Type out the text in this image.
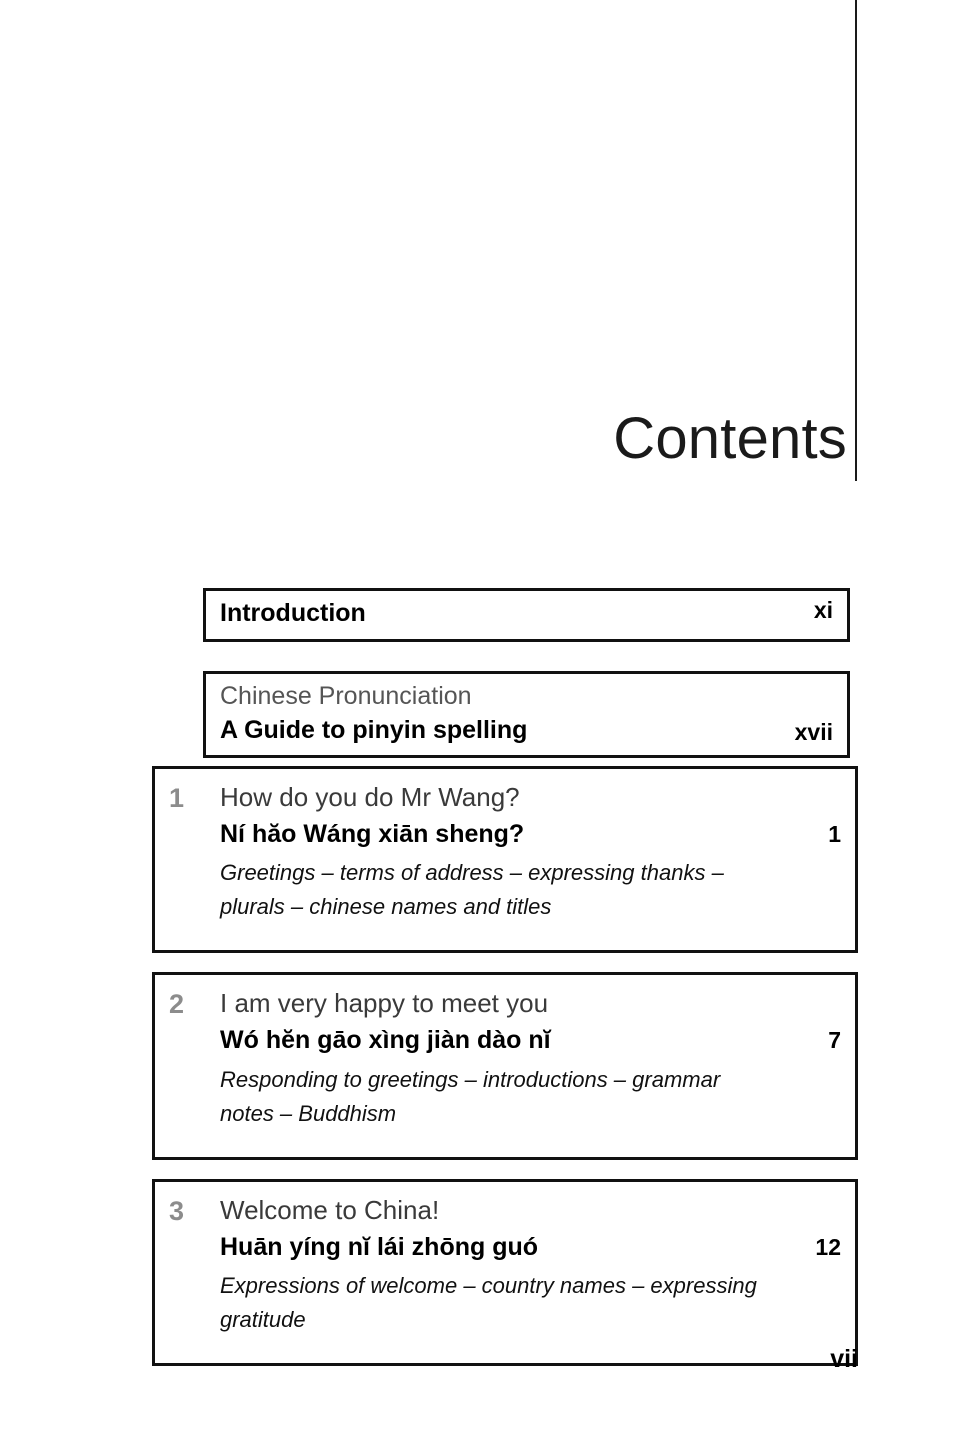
Contents
Introduction	xi
Chinese Pronunciation
A Guide to pinyin spelling	xvii
1	How do you do Mr Wang?
Ní hăo Wáng xiān sheng?	1
Greetings – terms of address – expressing thanks – plurals – chinese names and titles
2	I am very happy to meet you
Wó hĕn gāo xìng jiàn dào nĭ	7
Responding to greetings – introductions – grammar notes – Buddhism
3	Welcome to China!
Huān yíng nĭ lái zhōng guó	12
Expressions of welcome – country names – expressing gratitude
vii
